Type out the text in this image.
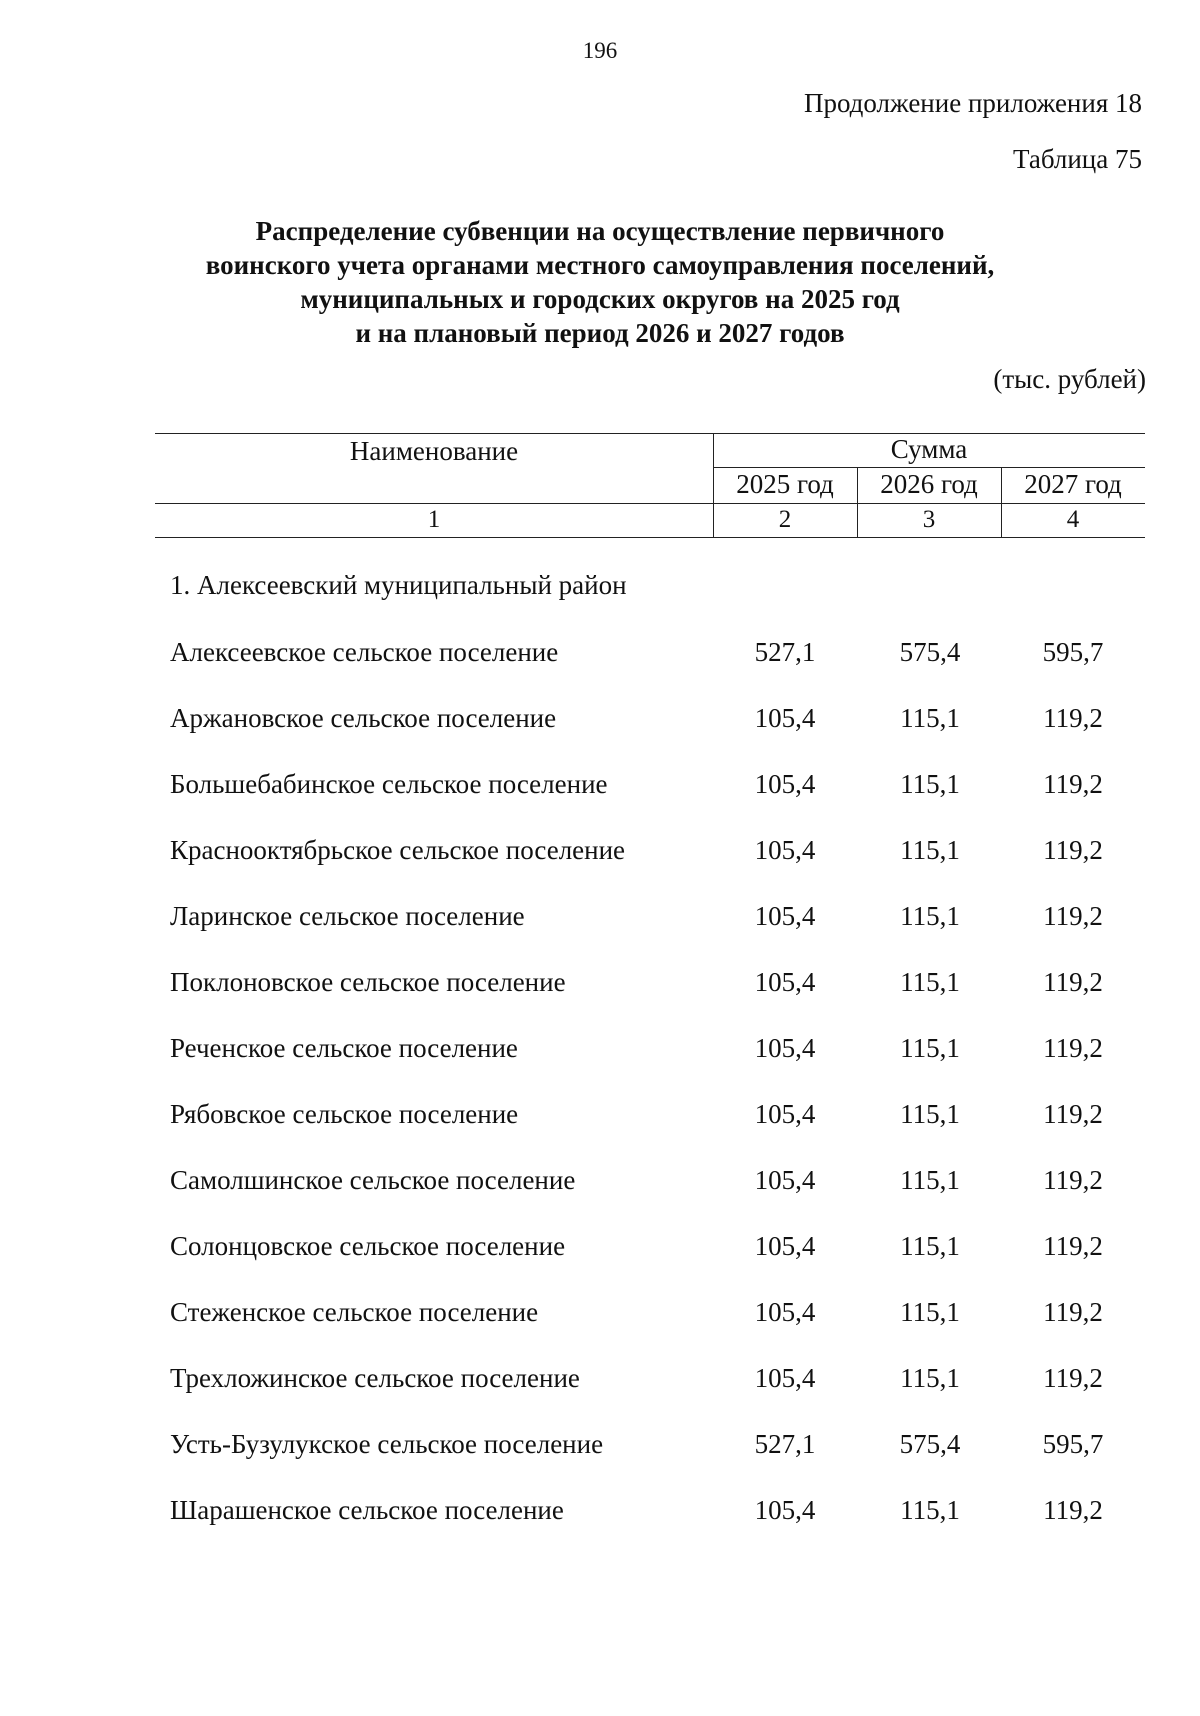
196
Продолжение приложения 18
Таблица 75
Распределение субвенции на осуществление первичного
воинского учета органами местного самоуправления поселений,
муниципальных и городских округов на 2025 год
и на плановый период 2026 и 2027 годов
(тыс. рублей)
Наименование	Сумма
2025 год	2026 год	2027 год
1	2	3	4
1. Алексеевский муниципальный район
Алексеевское сельское поселение	527,1	575,4	595,7
Аржановское сельское поселение	105,4	115,1	119,2
Большебабинское сельское поселение	105,4	115,1	119,2
Краснооктябрьское сельское поселение	105,4	115,1	119,2
Ларинское сельское поселение	105,4	115,1	119,2
Поклоновское сельское поселение	105,4	115,1	119,2
Реченское сельское поселение	105,4	115,1	119,2
Рябовское сельское поселение	105,4	115,1	119,2
Самолшинское сельское поселение	105,4	115,1	119,2
Солонцовское сельское поселение	105,4	115,1	119,2
Стеженское сельское поселение	105,4	115,1	119,2
Трехложинское сельское поселение	105,4	115,1	119,2
Усть-Бузулукское сельское поселение	527,1	575,4	595,7
Шарашенское сельское поселение	105,4	115,1	119,2
